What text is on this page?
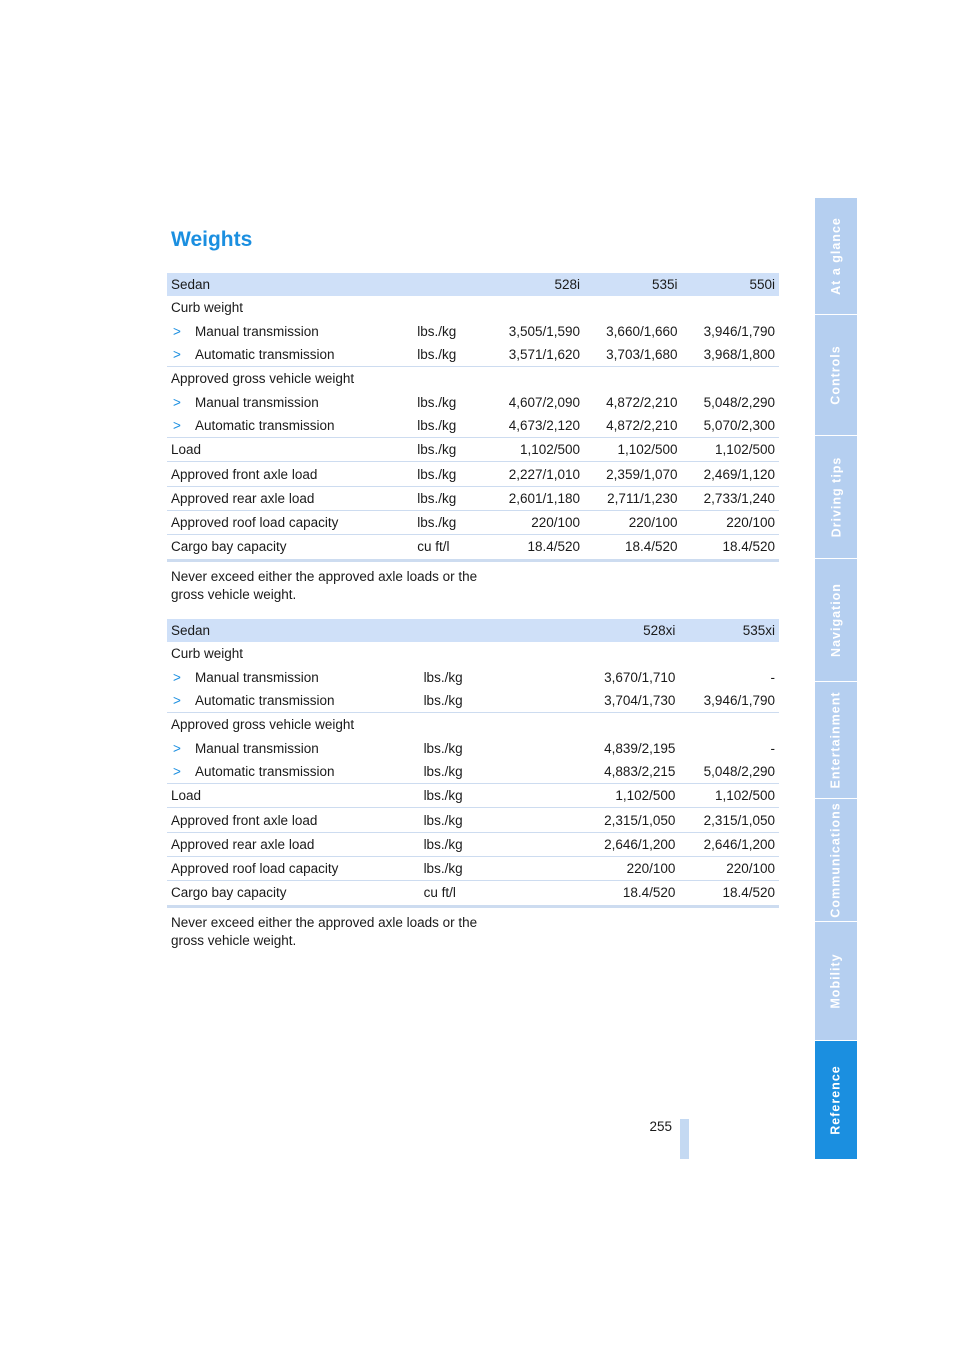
Weights
Sedan		528i	535i	550i
Curb weight				
> Manual transmission	lbs./kg	3,505/1,590	3,660/1,660	3,946/1,790
> Automatic transmission	lbs./kg	3,571/1,620	3,703/1,680	3,968/1,800
Approved gross vehicle weight				
> Manual transmission	lbs./kg	4,607/2,090	4,872/2,210	5,048/2,290
> Automatic transmission	lbs./kg	4,673/2,120	4,872/2,210	5,070/2,300
Load	lbs./kg	1,102/500	1,102/500	1,102/500
Approved front axle load	lbs./kg	2,227/1,010	2,359/1,070	2,469/1,120
Approved rear axle load	lbs./kg	2,601/1,180	2,711/1,230	2,733/1,240
Approved roof load capacity	lbs./kg	220/100	220/100	220/100
Cargo bay capacity	cu ft/l	18.4/520	18.4/520	18.4/520
Never exceed either the approved axle loads or the gross vehicle weight.
Sedan		528xi	535xi
Curb weight			
> Manual transmission	lbs./kg	3,670/1,710	-
> Automatic transmission	lbs./kg	3,704/1,730	3,946/1,790
Approved gross vehicle weight			
> Manual transmission	lbs./kg	4,839/2,195	-
> Automatic transmission	lbs./kg	4,883/2,215	5,048/2,290
Load	lbs./kg	1,102/500	1,102/500
Approved front axle load	lbs./kg	2,315/1,050	2,315/1,050
Approved rear axle load	lbs./kg	2,646/1,200	2,646/1,200
Approved roof load capacity	lbs./kg	220/100	220/100
Cargo bay capacity	cu ft/l	18.4/520	18.4/520
Never exceed either the approved axle loads or the gross vehicle weight.
255
At a glance
Controls
Driving tips
Navigation
Entertainment
Communications
Mobility
Reference
